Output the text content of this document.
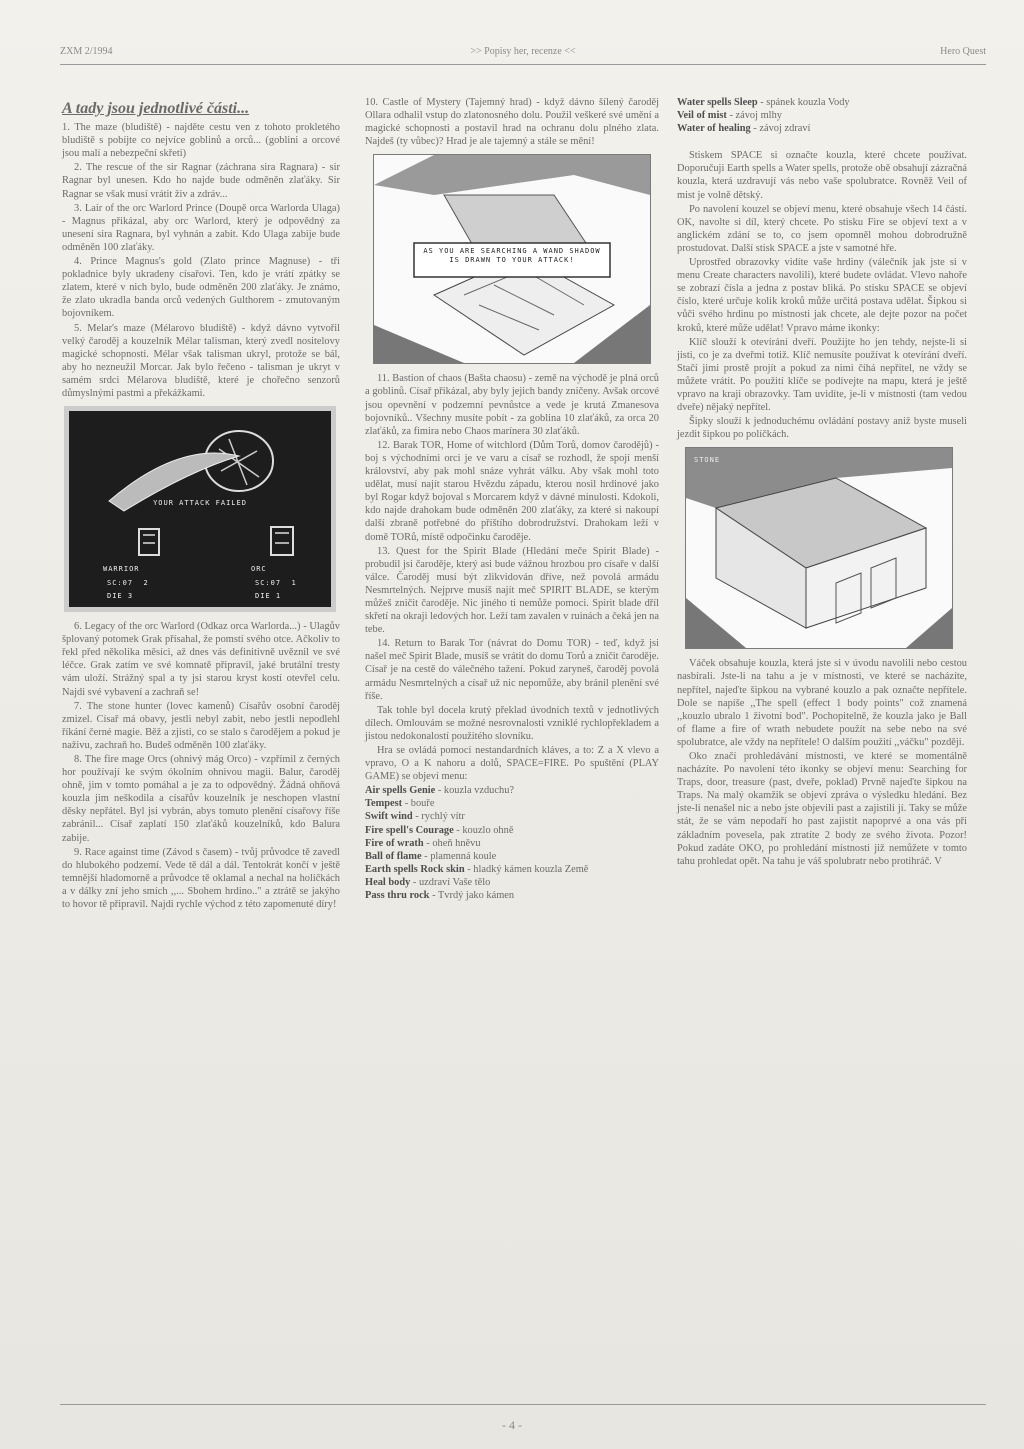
ZXM 2/1994	>> Popisy her, recenze <<	Hero Quest
A tady jsou jednotlivé části...

1. The maze (bludiště) - najděte cestu ven z tohoto prokletého bludiště s pobíjte co nejvíce goblinů a orců... (goblini a orcové jsou malí a nebezpeční skřeti)

2. The rescue of the sir Ragnar (záchrana sira Ragnara) - sir Ragnar byl unesen. Kdo ho najde bude odměněn zlaťáky. Sir Ragnar se však musí vrátit živ a zdráv...

3. Lair of the orc Warlord Prince (Doupě orca Warlorda Ulaga) - Magnus přikázal, aby orc Warlord, který je odpovědný za unesení sira Ragnara, byl vyhnán a zabit. Kdo Ulaga zabije bude odměněn 100 zlaťáky.

4. Prince Magnus's gold (Zlato prince Magnuse) - tři pokladnice byly ukradeny císařovi. Ten, kdo je vrátí zpátky se zlatem, které v nich bylo, bude odměněn 200 zlaťáky. Je známo, že zlato ukradla banda orců vedených Gulthorem - zmutovaným bojovníkem.

5. Melar's maze (Mélarovo bludiště) - když dávno vytvořil velký čaroděj a kouzelník Mélar talisman, který zvedl nositelovy magické schopnosti. Mélar však talisman ukryl, protože se bál, aby ho nezneužil Morcar. Jak bylo řečeno - talisman je ukryt v samém srdci Mélarova bludiště, které je chořečno senzorů důmyslnými pastmi a překážkami.

YOUR ATTACK FAILED
WARRIOR	ORC
SC:07  2
DIE 3
SC:07  1
DIE 1

6. Legacy of the orc Warlord (Odkaz orca Warlorda...) - Ulagův šplovaný potomek Grak přísahal, že pomstí svého otce. Ačkoliv to řekl před několika měsíci, až dnes vás definitivně uvěznil ve své léčce. Grak zatím ve své komnatě připravil, jaké brutální tresty vám uloží. Strážný spal a ty jsi starou kryst kostí otevřel celu. Najdi své vybavení a zachraň se!

7. The stone hunter (lovec kamenů) Císařův osobní čaroděj zmizel. Císař má obavy, jestli nebyl zabit, nebo jestli nepodlehl říkání černé magie. Běž a zjisti, co se stalo s čarodějem a pokud je naživu, zachraň ho. Budeš odměněn 100 zlaťáky.

8. The fire mage Orcs (ohnivý mág Orco) - vzpřímil z černých hor používají ke svým ókolním ohnivou magii. Balur, čaroděj ohně, jim v tomto pomáhal a je za to odpovědný. Žádná ohňová kouzla jim neškodila a císařův kouzelník je neschopen vlastní děsky nepřátel. Byl jsi vybrán, abys tomuto plenění císařovy říše zabránil... Císař zaplatí 150 zlaťáků kouzelníků, kdo Balura zabije.

9. Race against time (Závod s časem) - tvůj průvodce tě zavedl do hlubokého podzemí. Vede tě dál a dál. Tentokrát končí v ještě temnější hladomorně a průvodce tě oklamal a nechal na holičkách a v dálky zní jeho smích ,,... Sbohem hrdino.." a ztrátě se jakýho to hovor tě připravil. Najdi rychle východ z této zapomenuté díry!

10. Castle of Mystery (Tajemný hrad) - když dávno šílený čaroděj Ollara odhalil vstup do zlatonosného dolu. Použil veškeré své umění a magické schopnosti a postavil hrad na ochranu dolu plného zlata. Najdeš (ty vůbec)? Hrad je ale tajemný a stále se mění!

AS YOU ARE SEARCHING A WAND SHADOW IS DRAWN TO YOUR ATTACK!

11. Bastion of chaos (Bašta chaosu) - země na východě je plná orců a goblinů. Císař přikázal, aby byly jejich bandy zničeny. Avšak orcové jsou opevnění v podzemní pevnůstce a vede je krutá Zmanesova bojovníků.. Všechny musíte pobít - za goblina 10 zlaťáků, za orca 20 zlaťáků, za fimira nebo Chaos marínera 30 zlaťáků.

12. Barak TOR, Home of witchlord (Dům Torů, domov čarodějů) - boj s východními orci je ve varu a císař se rozhodl, že spojí menší království, aby pak mohl snáze vyhrát válku. Aby však mohl toto udělat, musí najít starou Hvězdu západu, kterou nosil hrdinové jako byl Rogar když bojoval s Morcarem když v dávné minulosti. Kdokoli, kdo najde drahokam bude odměněn 200 zlaťáky, za které si nakoupí další zbraně potřebné do příštího dobrodružství. Drahokam leží v domě TORů, místě odpočinku čaroděje.

13. Quest for the Spirit Blade (Hledání meče Spirit Blade) - probudil jsi čaroděje, který asi bude vážnou hrozbou pro císaře v další válce. Čaroděj musí být zlikvidován dříve, než povolá armádu Nesmrtelných. Nejprve musíš najít meč SPIRIT BLADE, se kterým můžeš zničit čaroděje. Nic jiného ti nemůže pomoci. Spirit blade dříl skřetí na okraji ledových hor. Leží tam zavalen v ruinách a čeká jen na tebe.

14. Return to Barak Tor (návrat do Domu TOR) - teď, když jsi našel meč Spirit Blade, musíš se vrátit do domu Torů a zničit čaroděje. Císař je na cestě do válečného tažení. Pokud zaryneš, čaroděj povolá armádu Nesmrtelných a císař už nic nepomůže, aby bránil plenění své říše.

Tak tohle byl docela krutý překlad úvodních textů v jednotlivých dílech. Omlouvám se možné nesrovnalosti vzniklé rychlopřekladem a jistou nedokonalostí použitého slovníku.

Hra se ovládá pomocí nestandardních kláves, a to: Z a X vlevo a vpravo, O a K nahoru a dolů, SPACE=FIRE. Po spuštění (PLAY GAME) se objeví menu:

Air spells Genie - kouzla vzduchu?
Tempest - bouře
Swift wind - rychlý vítr
Fire spell's Courage - kouzlo ohně
Fire of wrath - oheň hněvu
Ball of flame - plamenná koule
Earth spells Rock skin - hladký kámen kouzla Země
Heal body - uzdraví Vaše tělo
Pass thru rock - Tvrdý jako kámen
Water spells Sleep - spánek kouzla Vody
Veil of mist - závoj mlhy
Water of healing - závoj zdraví

Stiskem SPACE si označte kouzla, které chcete používat. Doporučuji Earth spells a Water spells, protože obě obsahují zázračná kouzla, která uzdravují vás nebo vaše spolubratce. Rovněž Veil of mist je volně dětský.

Po navolení kouzel se objeví menu, které obsahuje všech 14 částí. OK, navolte si díl, který chcete. Po stisku Fire se objeví text a v anglickém zdání se to, co jsem opomněl mohou dobrodružně prostudovat. Další stisk SPACE a jste v samotné hře.

Uprostřed obrazovky vidíte vaše hrdiny (válečník jak jste si v menu Create characters navolili), které budete ovládat. Vlevo nahoře se zobrazí čísla a jedna z postav bliká. Po stisku SPACE se objeví číslo, které určuje kolik kroků může určitá postava udělat. Šipkou si vůči svého hrdinu po místnosti jak chcete, ale dejte pozor na počet kroků, které může udělat! Vpravo máme ikonky:

Klíč slouží k otevírání dveří. Použijte ho jen tehdy, nejste-li si jisti, co je za dveřmi totiž. Klíč nemusíte používat k otevírání dveří. Stačí jimi prostě projít a pokud za nimi číhá nepřítel, ne vždy se můžete vrátit. Po použití klíče se podívejte na mapu, která je ještě vpravo na kraji obrazovky. Tam uvidíte, je-li v místnosti (tam vedou dveře) nějaký nepřítel.

Šipky slouží k jednoduchému ovládání postavy aniž byste museli jezdit šipkou po políčkách.

STONE

Váček obsahuje kouzla, která jste si v úvodu navolili nebo cestou nasbírali. Jste-li na tahu a je v místnosti, ve které se nacházíte, nepřítel, najeďte šipkou na vybrané kouzlo a pak označte nepřítele. Dole se napíše ,,The spell (effect 1 body points" což znamená ,,kouzlo ubralo 1 životní bod". Pochopitelně, že kouzla jako je Ball of flame a fire of wrath nebudete použít na sebe nebo na své spolubratce, ale vždy na nepřítele! O dalším použití ,,váčku" později.

Oko značí prohledávání místnosti, ve které se momentálně nacházíte. Po navolení této ikonky se objeví menu: Searching for Traps, door, treasure (past, dveře, poklad) Prvně najeďte šipkou na Traps. Na malý okamžik se objeví zpráva o výsledku hledání. Bez jste-li nenašel nic a nebo jste objevili past a zajistili jí. Taky se může stát, že se vám nepodaří ho past zajistit napoprvé a ona vás při základním povesela, pak ztratíte 2 body ze svého života. Pozor! Pokud zadáte OKO, po prohledání místnosti již nemůžete v tomto tahu prohledat opět. Na tahu je váš spolubratr nebo protihráč. V

- 4 -
